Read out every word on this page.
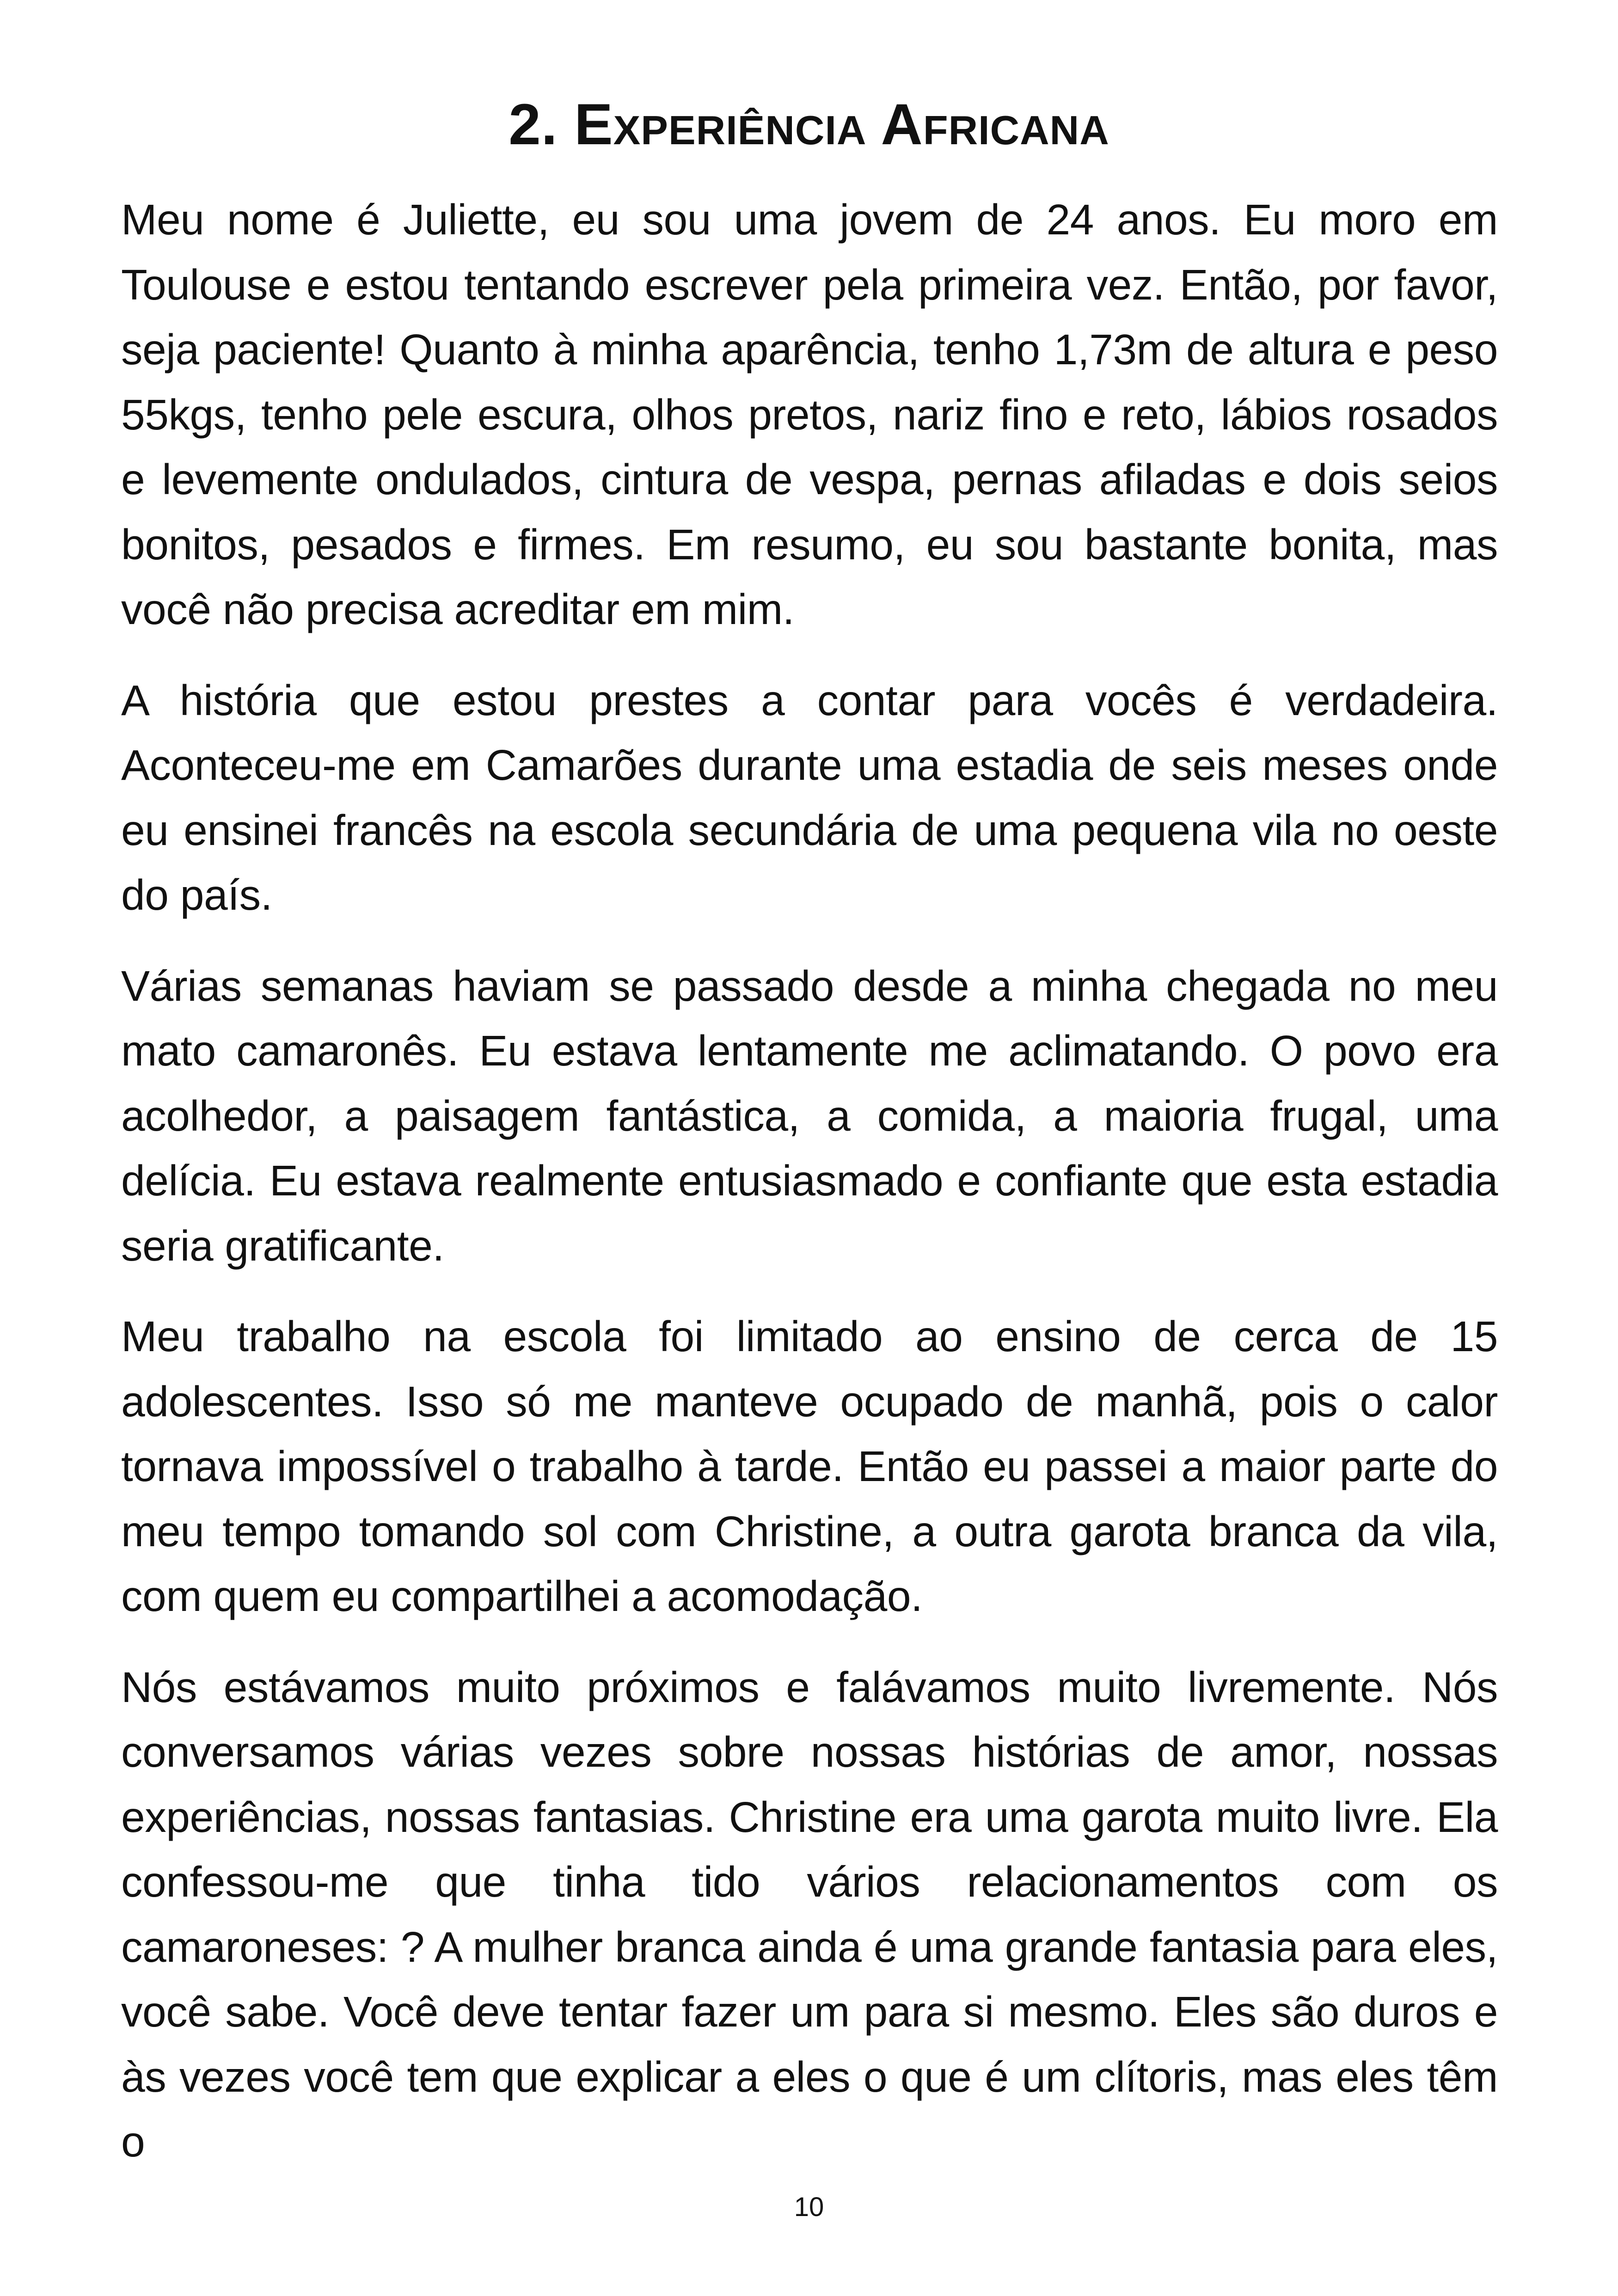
2. Experiência Africana

Meu nome é Juliette, eu sou uma jovem de 24 anos. Eu moro em Toulouse e estou tentando escrever pela primeira vez. Então, por favor, seja paciente! Quanto à minha aparência, tenho 1,73m de altura e peso 55kgs, tenho pele escura, olhos pretos, nariz fino e reto, lábios rosados e levemente ondulados, cintura de vespa, pernas afiladas e dois seios bonitos, pesados e firmes. Em resumo, eu sou bastante bonita, mas você não precisa acreditar em mim.

A história que estou prestes a contar para vocês é verdadeira. Aconteceu-me em Camarões durante uma estadia de seis meses onde eu ensinei francês na escola secundária de uma pequena vila no oeste do país.

Várias semanas haviam se passado desde a minha chegada no meu mato camaronês. Eu estava lentamente me aclimatando. O povo era acolhedor, a paisagem fantástica, a comida, a maioria frugal, uma delícia. Eu estava realmente entusiasmado e confiante que esta estadia seria gratificante.

Meu trabalho na escola foi limitado ao ensino de cerca de 15 adolescentes. Isso só me manteve ocupado de manhã, pois o calor tornava impossível o trabalho à tarde. Então eu passei a maior parte do meu tempo tomando sol com Christine, a outra garota branca da vila, com quem eu compartilhei a acomodação.

Nós estávamos muito próximos e falávamos muito livremente. Nós conversamos várias vezes sobre nossas histórias de amor, nossas experiências, nossas fantasias. Christine era uma garota muito livre. Ela confessou-me que tinha tido vários relacionamentos com os camaroneses: ? A mulher branca ainda é uma grande fantasia para eles, você sabe. Você deve tentar fazer um para si mesmo. Eles são duros e às vezes você tem que explicar a eles o que é um clítoris, mas eles têm o

10
